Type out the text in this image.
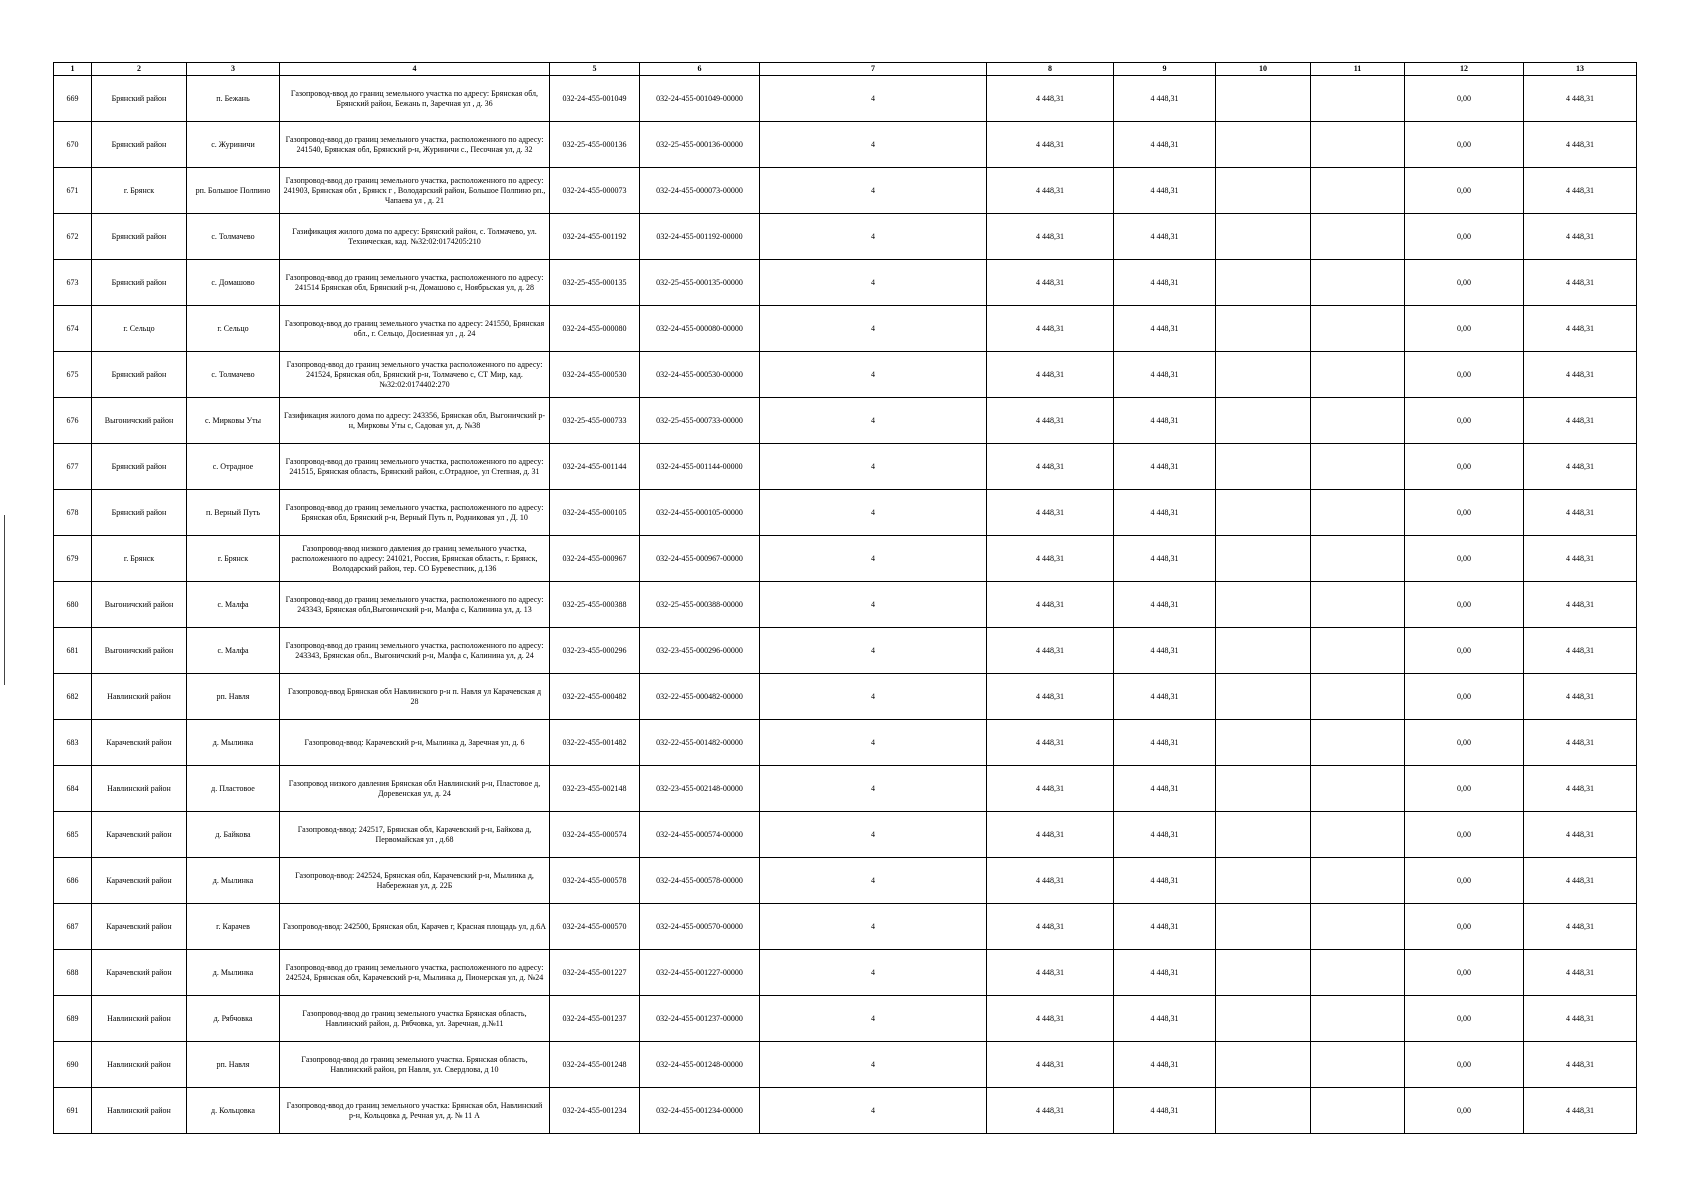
1	2	3	4	5	6	7	8	9	10	11	12	13
669	Брянский район	п. Бежань	Газопровод-ввод до границ земельного участка по адресу: Брянская обл, Брянский район, Бежань п, Заречная ул , д. 36	032-24-455-001049	032-24-455-001049-00000	4	4 448,31	4 448,31			0,00	4 448,31
670	Брянский район	с. Журиничи	Газопровод-ввод до границ земельного участка, расположенного по адресу: 241540, Брянская обл, Брянский р-н, Журиничи с., Песочная ул, д. 32	032-25-455-000136	032-25-455-000136-00000	4	4 448,31	4 448,31			0,00	4 448,31
671	г. Брянск	рп. Большое Полпино	Газопровод-ввод до границ земельного участка, расположенного по адресу: 241903, Брянская обл , Брянск г , Володарский район, Большое Полпино рп., Чапаева ул , д. 21	032-24-455-000073	032-24-455-000073-00000	4	4 448,31	4 448,31			0,00	4 448,31
672	Брянский район	с. Толмачево	Газификация жилого дома по адресу: Брянский район, с. Толмачево, ул. Техническая, кад. №32:02:0174205:210	032-24-455-001192	032-24-455-001192-00000	4	4 448,31	4 448,31			0,00	4 448,31
673	Брянский район	с. Домашово	Газопровод-ввод до границ земельного участка, расположенного по адресу: 241514 Брянская обл, Брянский р-н, Домашово с, Ноябрьская ул, д. 28	032-25-455-000135	032-25-455-000135-00000	4	4 448,31	4 448,31			0,00	4 448,31
674	г. Сельцо	г. Сельцо	Газопровод-ввод до границ земельного участка по адресу: 241550, Брянская обл., г. Сельцо, Досиенная ул , д. 24	032-24-455-000080	032-24-455-000080-00000	4	4 448,31	4 448,31			0,00	4 448,31
675	Брянский район	с. Толмачево	Газопровод-ввод до границ земельного участка расположенного по адресу: 241524, Брянская обл, Брянский р-н, Толмачево с, СТ Мир, кад. №32:02:0174402:270	032-24-455-000530	032-24-455-000530-00000	4	4 448,31	4 448,31			0,00	4 448,31
676	Выгоничский район	с. Мирковы Уты	Газификация жилого дома по адресу: 243356, Брянская обл, Выгоничский р-н, Мирковы Уты с, Садовая ул, д. №38	032-25-455-000733	032-25-455-000733-00000	4	4 448,31	4 448,31			0,00	4 448,31
677	Брянский район	с. Отрадное	Газопровод-ввод до границ земельного участка, расположенного по адресу: 241515, Брянская область, Брянский район, с.Отрадное, ул Степная, д. 31	032-24-455-001144	032-24-455-001144-00000	4	4 448,31	4 448,31			0,00	4 448,31
678	Брянский район	п. Верный Путь	Газопровод-ввод до границ земельного участка, расположенного по адресу: Брянская обл, Брянский р-н, Верный Путь п, Родниковая ул , Д. 10	032-24-455-000105	032-24-455-000105-00000	4	4 448,31	4 448,31			0,00	4 448,31
679	г. Брянск	г. Брянск	Газопровод-ввод низкого давления до границ земельного участка, расположенного по адресу: 241021, Россия, Брянская область, г. Брянск, Володарский район, тер. СО Буревестник, д.136	032-24-455-000967	032-24-455-000967-00000	4	4 448,31	4 448,31			0,00	4 448,31
680	Выгоничский район	с. Малфа	Газопровод-ввод до границ земельного участка, расположенного по адресу: 243343, Брянская обл,Выгоничский р-н, Малфа с, Калинина ул, д. 13	032-25-455-000388	032-25-455-000388-00000	4	4 448,31	4 448,31			0,00	4 448,31
681	Выгоничский район	с. Малфа	Газопровод-ввод до границ земельного участка, расположенного по адресу: 243343, Брянская обл., Выгоничский р-н, Малфа с, Калинина ул, д. 24	032-23-455-000296	032-23-455-000296-00000	4	4 448,31	4 448,31			0,00	4 448,31
682	Навлинский район	рп. Навля	Газопровод-ввод Брянская обл Навлинского р-н п. Навля ул Карачевская д 28	032-22-455-000482	032-22-455-000482-00000	4	4 448,31	4 448,31			0,00	4 448,31
683	Карачевский район	д. Мылинка	Газопровод-ввод: Карачевский р-н, Мылинка д, Заречная ул, д. 6	032-22-455-001482	032-22-455-001482-00000	4	4 448,31	4 448,31			0,00	4 448,31
684	Навлинский район	д. Пластовое	Газопровод низкого давления Брянская обл Навлинский р-н, Пластовое д, Доревенская ул, д. 24	032-23-455-002148	032-23-455-002148-00000	4	4 448,31	4 448,31			0,00	4 448,31
685	Карачевский район	д. Байкова	Газопровод-ввод: 242517, Брянская обл, Карачевский р-н, Байкова д, Первомайская ул , д.68	032-24-455-000574	032-24-455-000574-00000	4	4 448,31	4 448,31			0,00	4 448,31
686	Карачевский район	д. Мылинка	Газопровод-ввод: 242524, Брянская обл, Карачевский р-н, Мылинка д, Набережная ул, д. 22Б	032-24-455-000578	032-24-455-000578-00000	4	4 448,31	4 448,31			0,00	4 448,31
687	Карачевский район	г. Карачев	Газопровод-ввод: 242500, Брянская обл, Карачев г, Красная площадь ул, д.6А	032-24-455-000570	032-24-455-000570-00000	4	4 448,31	4 448,31			0,00	4 448,31
688	Карачевский район	д. Мылинка	Газопровод-ввод до границ земельного участка, расположенного по адресу: 242524, Брянская обл, Карачевский р-н, Мылинка д, Пионерская ул, д. №24	032-24-455-001227	032-24-455-001227-00000	4	4 448,31	4 448,31			0,00	4 448,31
689	Навлинский район	д. Рябчовка	Газопровод-ввод до границ земельного участка Брянская область, Навлинский район, д. Рябчовка, ул. Заречная, д.№11	032-24-455-001237	032-24-455-001237-00000	4	4 448,31	4 448,31			0,00	4 448,31
690	Навлинский район	рп. Навля	Газопровод-ввод до границ земельного участка. Брянская область, Навлинский район, рп Навля, ул. Свердлова, д 10	032-24-455-001248	032-24-455-001248-00000	4	4 448,31	4 448,31			0,00	4 448,31
691	Навлинский район	д. Кольцовка	Газопровод-ввод до границ земельного участка: Брянская обл, Навлинский р-н, Кольцовка д, Речная ул, д. № 11 А	032-24-455-001234	032-24-455-001234-00000	4	4 448,31	4 448,31			0,00	4 448,31
